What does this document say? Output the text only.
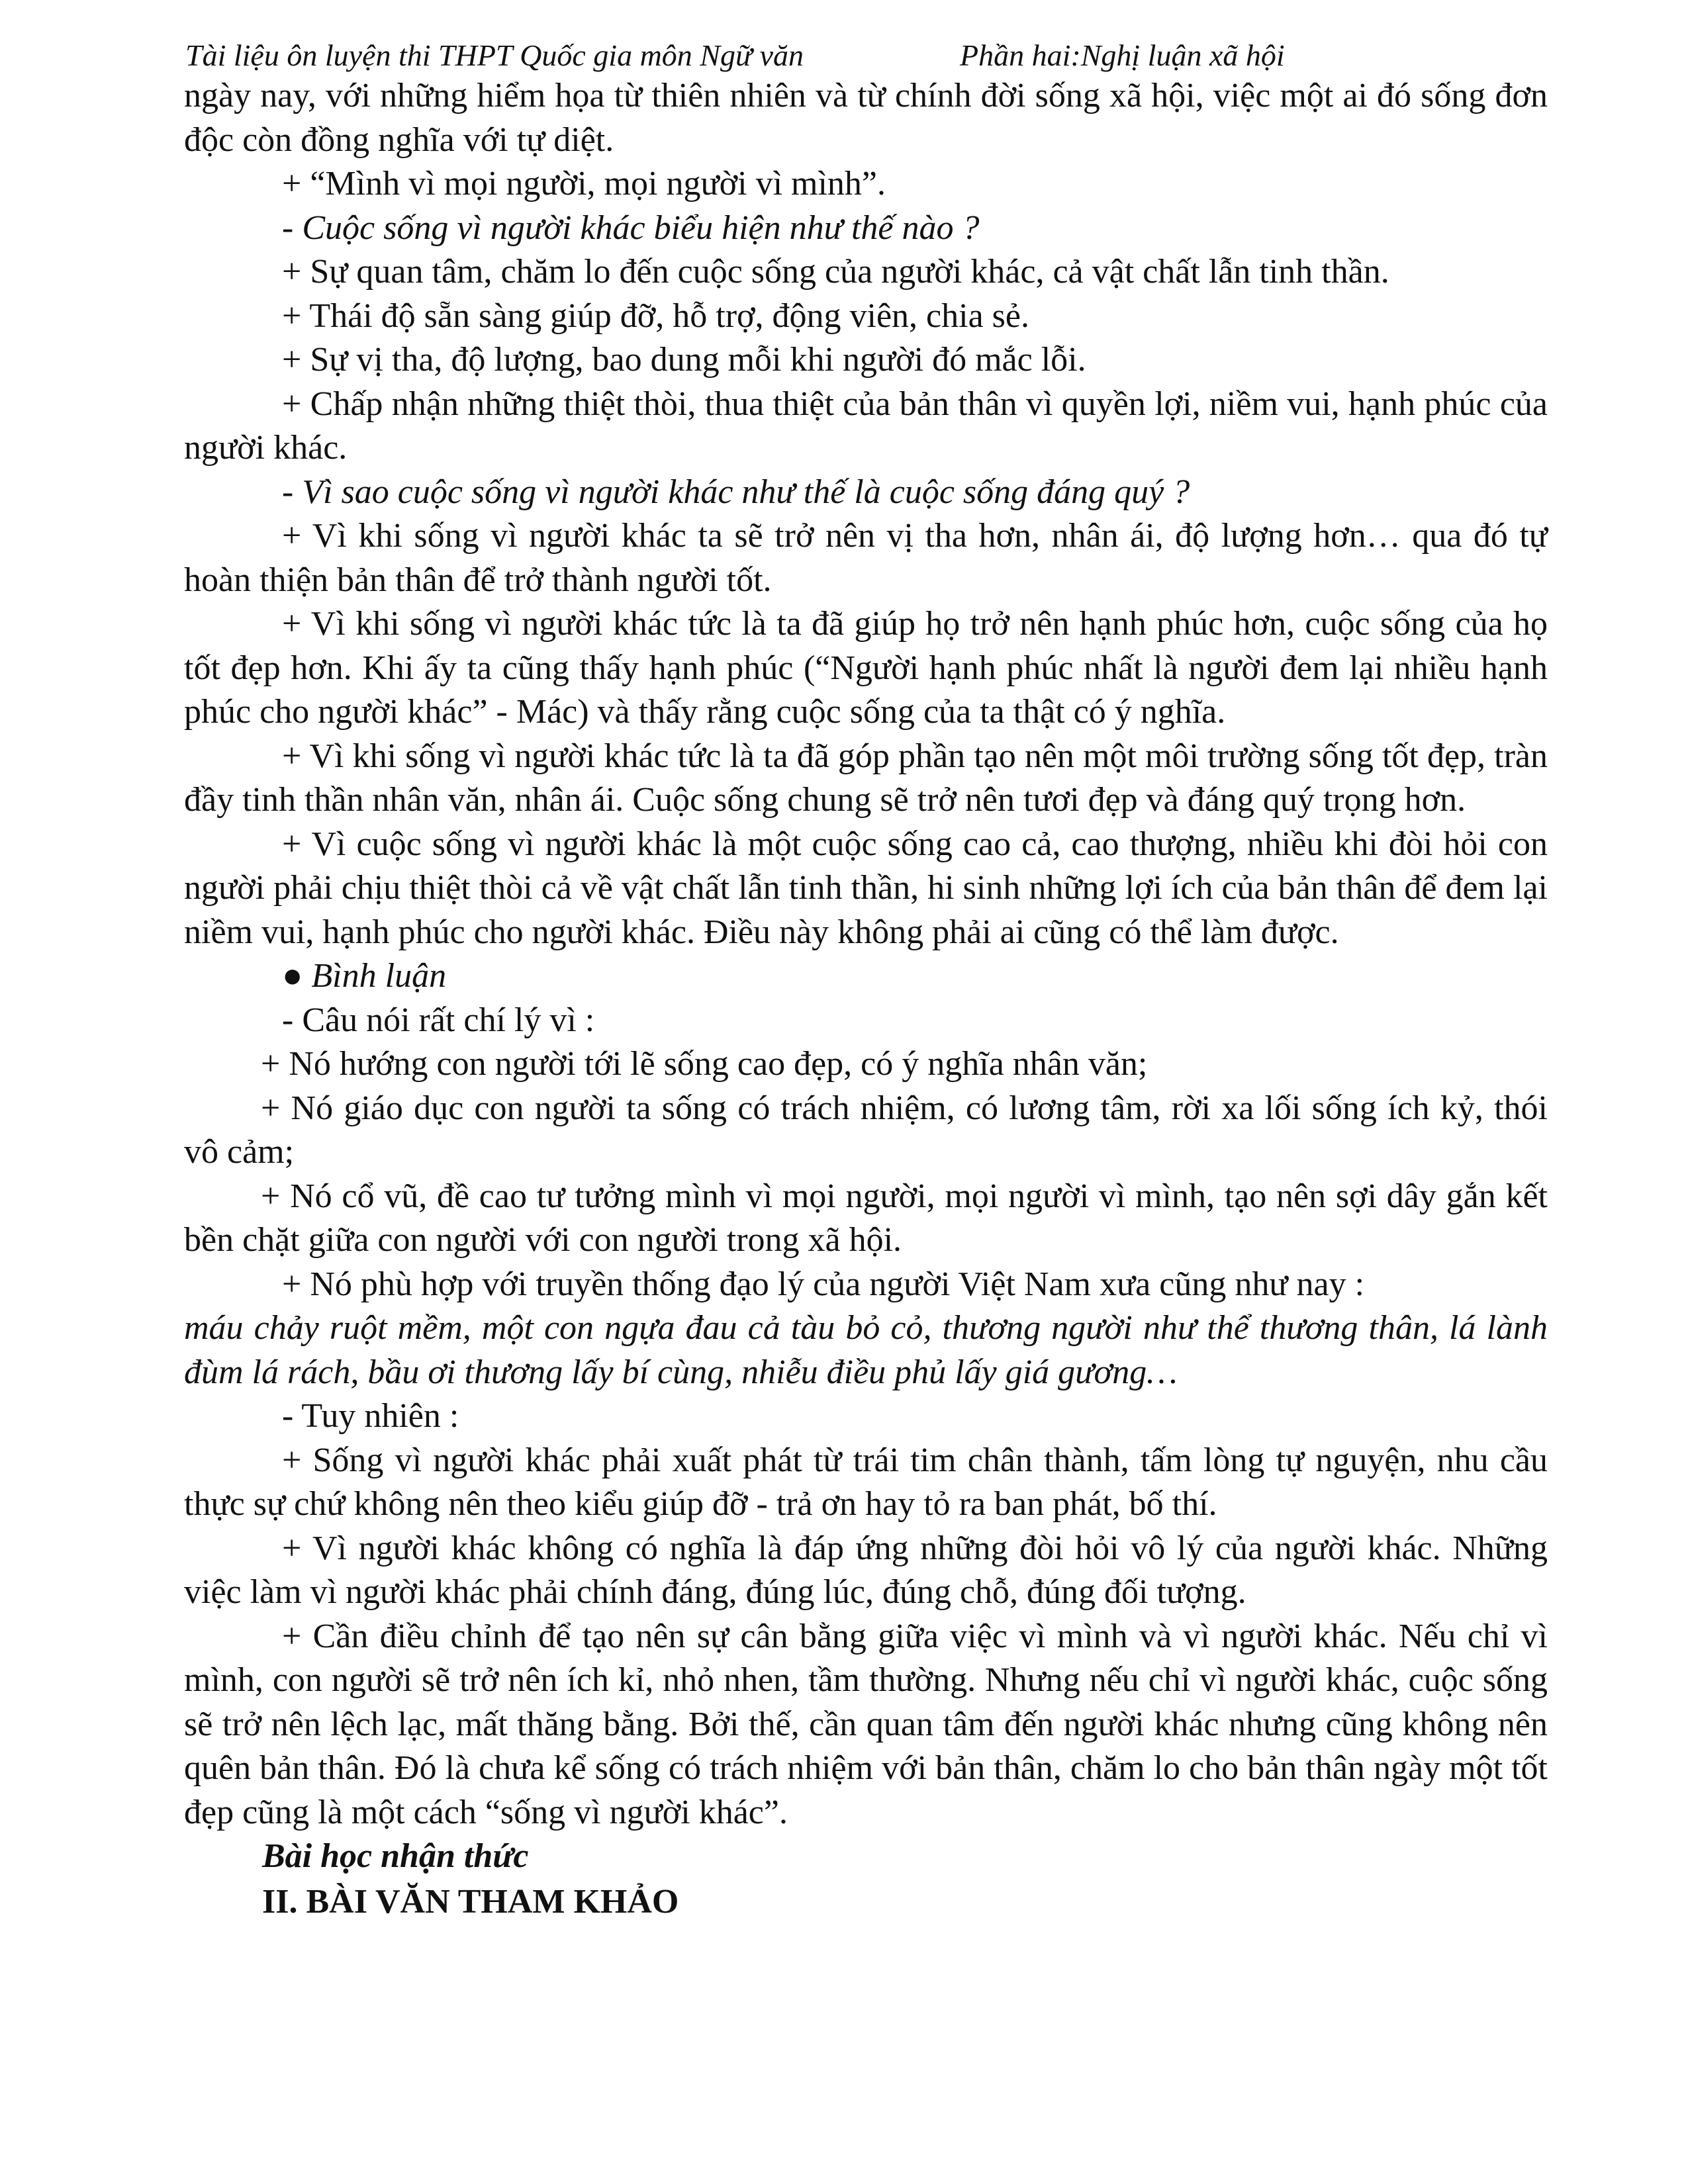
Tài liệu ôn luyện thi THPT Quốc gia môn Ngữ văn	Phần hai:Nghị luận xã hội

ngày nay, với những hiểm họa từ thiên nhiên và từ chính đời sống xã hội, việc một ai đó sống đơn độc còn đồng nghĩa với tự diệt.

+ “Mình vì mọi người, mọi người vì mình”.

- Cuộc sống vì người khác biểu hiện như thế nào ?

+ Sự quan tâm, chăm lo đến cuộc sống của người khác, cả vật chất lẫn tinh thần.

+ Thái độ sẵn sàng giúp đỡ, hỗ trợ, động viên, chia sẻ.

+ Sự vị tha, độ lượng, bao dung mỗi khi người đó mắc lỗi.

+ Chấp nhận những thiệt thòi, thua thiệt của bản thân vì quyền lợi, niềm vui, hạnh phúc của người khác.

- Vì sao cuộc sống vì người khác như thế là cuộc sống đáng quý ?

+ Vì khi sống vì người khác ta sẽ trở nên vị tha hơn, nhân ái, độ lượng hơn… qua đó tự hoàn thiện bản thân để trở thành người tốt.

+ Vì khi sống vì người khác tức là ta đã giúp họ trở nên hạnh phúc hơn, cuộc sống của họ tốt đẹp hơn. Khi ấy ta cũng thấy hạnh phúc (“Người hạnh phúc nhất là người đem lại nhiều hạnh phúc cho người khác” - Mác) và thấy rằng cuộc sống của ta thật có ý nghĩa.

+ Vì khi sống vì người khác tức là ta đã góp phần tạo nên một môi trường sống tốt đẹp, tràn đầy tinh thần nhân văn, nhân ái. Cuộc sống chung sẽ trở nên tươi đẹp và đáng quý trọng hơn.

+ Vì cuộc sống vì người khác là một cuộc sống cao cả, cao thượng, nhiều khi đòi hỏi con người phải chịu thiệt thòi cả về vật chất lẫn tinh thần, hi sinh những lợi ích của bản thân để đem lại niềm vui, hạnh phúc cho người khác. Điều này không phải ai cũng có thể làm được.

● Bình luận

- Câu nói rất chí lý vì :

+ Nó hướng con người tới lẽ sống cao đẹp, có ý nghĩa nhân văn;

+ Nó giáo dục con người ta sống có trách nhiệm, có lương tâm, rời xa lối sống ích kỷ, thói vô cảm;

+ Nó cổ vũ, đề cao tư tưởng mình vì mọi người, mọi người vì mình, tạo nên sợi dây gắn kết bền chặt giữa con người với con người trong xã hội.

+ Nó phù hợp với truyền thống đạo lý của người Việt Nam xưa cũng như nay :

máu chảy ruột mềm, một con ngựa đau cả tàu bỏ cỏ, thương người như thể thương thân, lá lành đùm lá rách, bầu ơi thương lấy bí cùng, nhiễu điều phủ lấy giá gương…

- Tuy nhiên :

+ Sống vì người khác phải xuất phát từ trái tim chân thành, tấm lòng tự nguyện, nhu cầu thực sự chứ không nên theo kiểu giúp đỡ - trả ơn hay tỏ ra ban phát, bố thí.

+ Vì người khác không có nghĩa là đáp ứng những đòi hỏi vô lý của người khác. Những việc làm vì người khác phải chính đáng, đúng lúc, đúng chỗ, đúng đối tượng.

+ Cần điều chỉnh để tạo nên sự cân bằng giữa việc vì mình và vì người khác. Nếu chỉ vì mình, con người sẽ trở nên ích kỉ, nhỏ nhen, tầm thường. Nhưng nếu chỉ vì người khác, cuộc sống sẽ trở nên lệch lạc, mất thăng bằng. Bởi thế, cần quan tâm đến người khác nhưng cũng không nên quên bản thân. Đó là chưa kể sống có trách nhiệm với bản thân, chăm lo cho bản thân ngày một tốt đẹp cũng là một cách “sống vì người khác”.

Bài học nhận thức

II. BÀI VĂN THAM KHẢO
